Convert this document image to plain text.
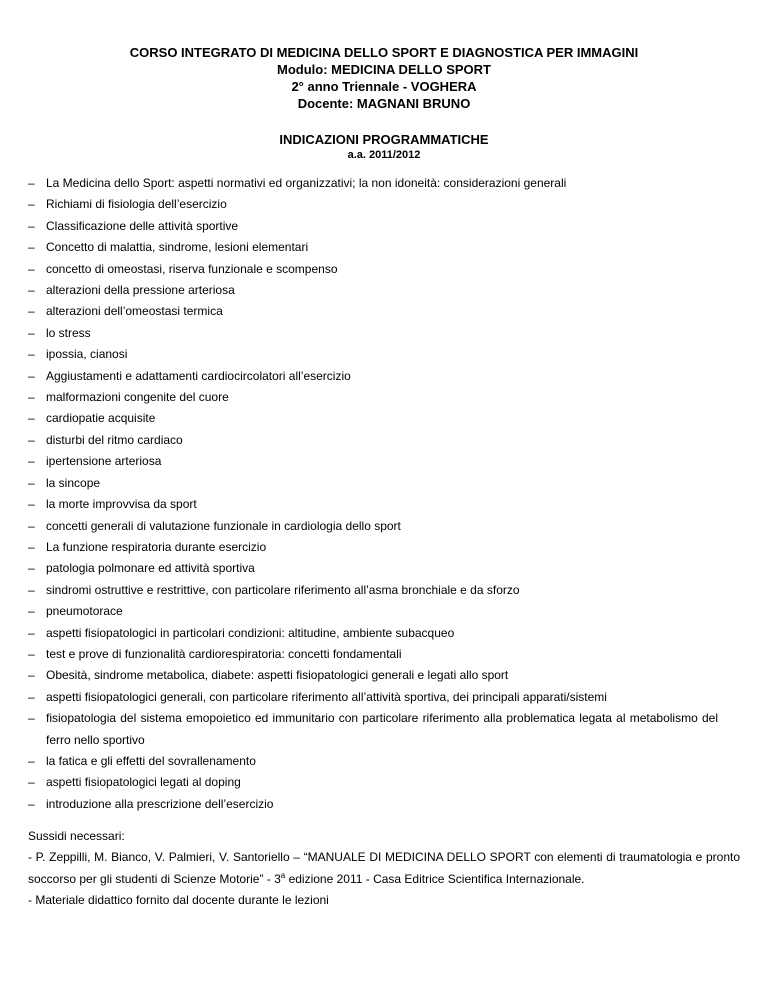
CORSO INTEGRATO DI MEDICINA DELLO SPORT E DIAGNOSTICA PER IMMAGINI
Modulo: MEDICINA DELLO SPORT
2° anno Triennale - VOGHERA
Docente: MAGNANI BRUNO
INDICAZIONI PROGRAMMATICHE
a.a. 2011/2012
– La Medicina dello Sport: aspetti normativi ed organizzativi; la non idoneità: considerazioni generali
– Richiami di fisiologia dell’esercizio
– Classificazione delle attività sportive
– Concetto di malattia, sindrome, lesioni elementari
– concetto di omeostasi, riserva funzionale e scompenso
– alterazioni della pressione arteriosa
– alterazioni dell’omeostasi termica
– lo stress
– ipossia, cianosi
– Aggiustamenti e adattamenti cardiocircolatori all’esercizio
– malformazioni congenite del cuore
– cardiopatie acquisite
– disturbi del ritmo cardiaco
– ipertensione arteriosa
– la sincope
– la morte improvvisa da sport
– concetti generali di valutazione funzionale in cardiologia dello sport
– La funzione respiratoria durante esercizio
– patologia polmonare ed attività sportiva
– sindromi ostruttive e restrittive, con particolare riferimento all’asma bronchiale e da sforzo
– pneumotorace
– aspetti fisiopatologici in particolari condizioni: altitudine, ambiente subacqueo
– test e prove di funzionalità cardiorespiratoria: concetti fondamentali
– Obesità, sindrome metabolica, diabete: aspetti fisiopatologici generali e legati allo sport
– aspetti fisiopatologici generali, con particolare riferimento all’attività sportiva, dei principali apparati/sistemi
– fisiopatologia del sistema emopoietico ed immunitario con particolare riferimento alla problematica legata al metabolismo del ferro nello sportivo
– la fatica e gli effetti del sovrallenamento
– aspetti fisiopatologici legati al doping
– introduzione alla prescrizione dell’esercizio

Sussidi necessari:

- P. Zeppilli, M. Bianco, V. Palmieri, V. Santoriello – “MANUALE DI MEDICINA DELLO SPORT con elementi di traumatologia e pronto soccorso per gli studenti di Scienze Motorie” - 3$^a$ edizione 2011 - Casa Editrice Scientifica Internazionale.

- Materiale didattico fornito dal docente durante le lezioni
